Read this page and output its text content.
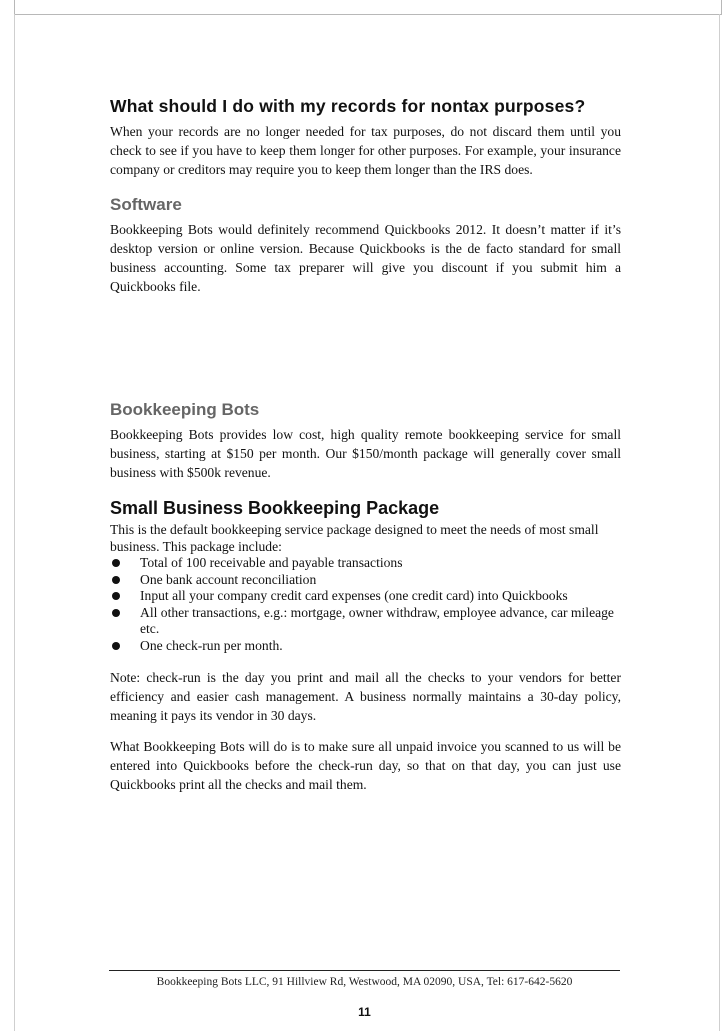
What should I do with my records for nontax purposes?

When your records are no longer needed for tax purposes, do not discard them until you check to see if you have to keep them longer for other purposes. For example, your insurance company or creditors may require you to keep them longer than the IRS does.

Software

Bookkeeping Bots would definitely recommend Quickbooks 2012. It doesn’t matter if it’s desktop version or online version. Because Quickbooks is the de facto standard for small business accounting. Some tax preparer will give you discount if you submit him a Quickbooks file.

Bookkeeping Bots

Bookkeeping Bots provides low cost, high quality remote bookkeeping service for small business, starting at $150 per month. Our $150/month package will generally cover small business with $500k revenue.

Small Business Bookkeeping Package

This is the default bookkeeping service package designed to meet the needs of most small business. This package include:

Total of 100 receivable and payable transactions
One bank account reconciliation
Input all your company credit card expenses (one credit card) into Quickbooks
All other transactions, e.g.: mortgage, owner withdraw, employee advance, car mileage etc.
One check-run per month.

Note: check-run is the day you print and mail all the checks to your vendors for better efficiency and easier cash management. A business normally maintains a 30-day policy, meaning it pays its vendor in 30 days.

What Bookkeeping Bots will do is to make sure all unpaid invoice you scanned to us will be entered into Quickbooks before the check-run day, so that on that day, you can just use Quickbooks print all the checks and mail them.

Bookkeeping Bots LLC, 91 Hillview Rd, Westwood, MA 02090, USA, Tel: 617-642-5620
11
